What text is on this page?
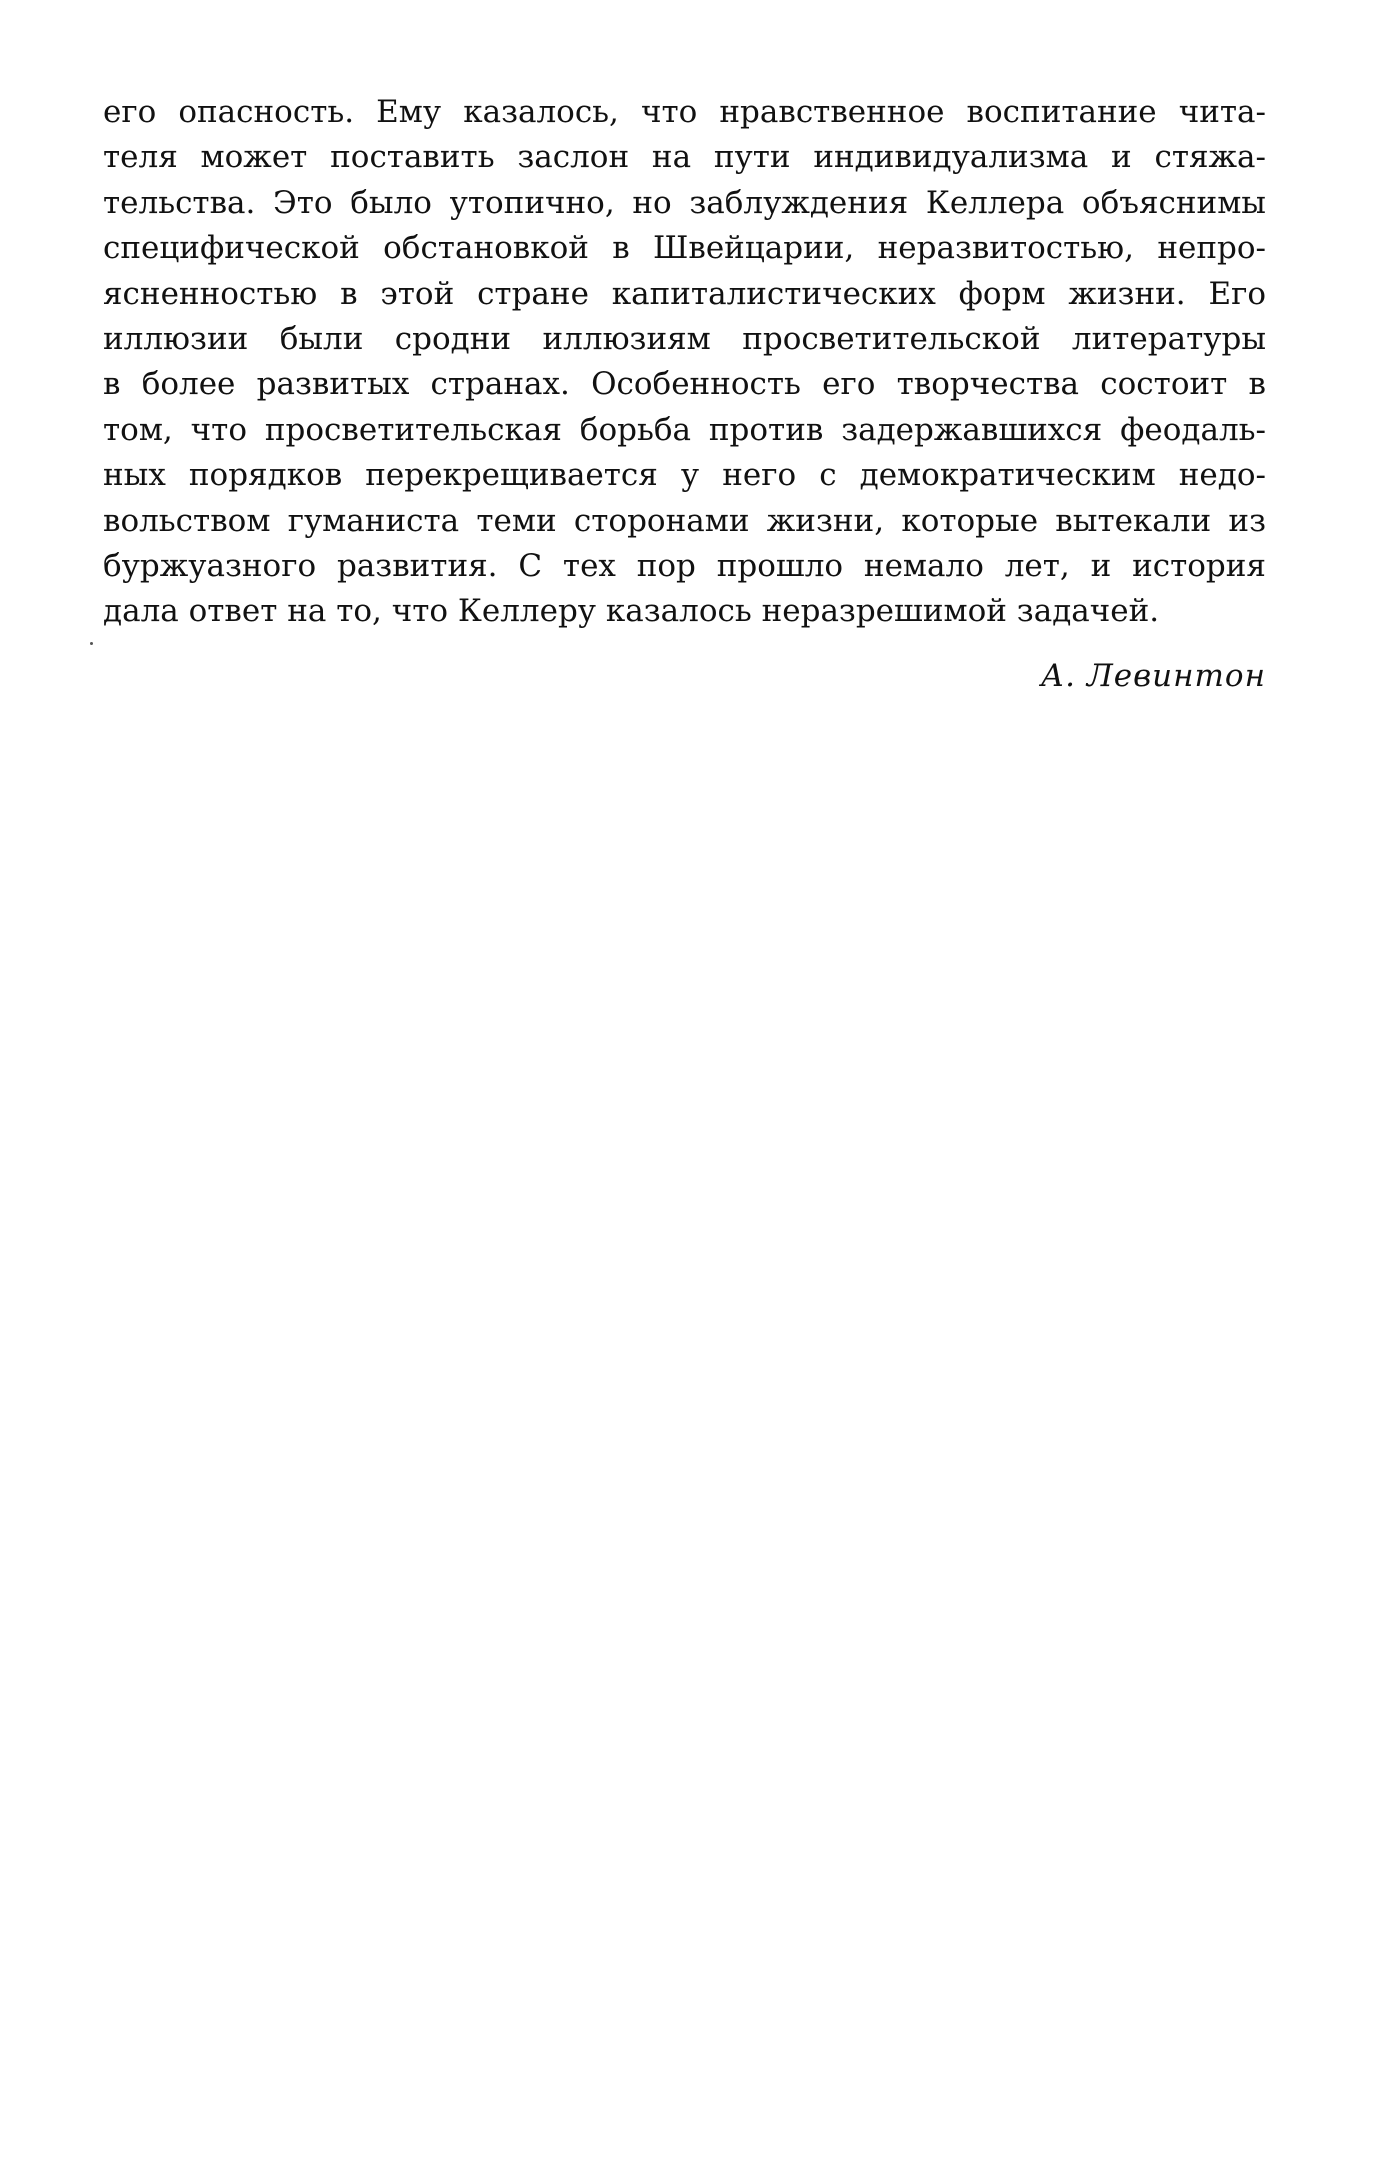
его опасность. Ему казалось, что нравственное воспитание чита-
теля может поставить заслон на пути индивидуализма и стяжа-
тельства. Это было утопично, но заблуждения Келлера объяснимы
специфической обстановкой в Швейцарии, неразвитостью, непро-
ясненностью в этой стране капиталистических форм жизни. Его
иллюзии были сродни иллюзиям просветительской литературы
в более развитых странах. Особенность его творчества состоит в
том, что просветительская борьба против задержавшихся феодаль-
ных порядков перекрещивается у него с демократическим недо-
вольством гуманиста теми сторонами жизни, которые вытекали из
буржуазного развития. С тех пор прошло немало лет, и история
дала ответ на то, что Келлеру казалось неразрешимой задачей.
А. Левинтон
